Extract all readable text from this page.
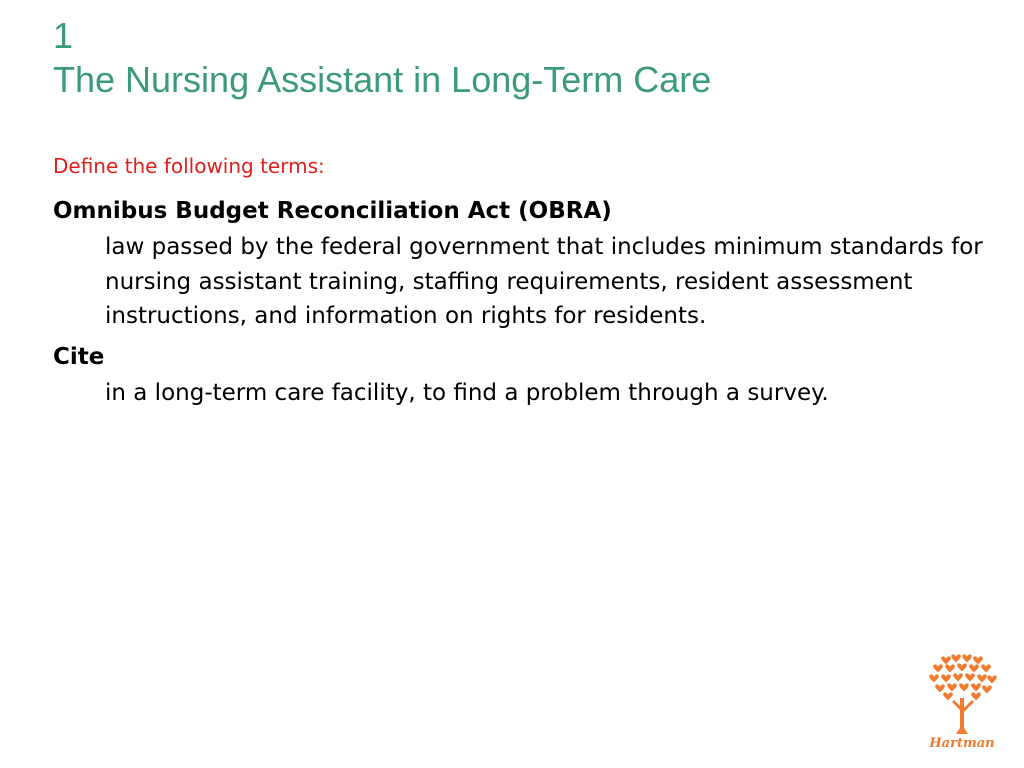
1
The Nursing Assistant in Long-Term Care
Define the following terms:
Omnibus Budget Reconciliation Act (OBRA)
law passed by the federal government that includes minimum standards for nursing assistant training, staffing requirements, resident assessment instructions, and information on rights for residents.
Cite
in a long-term care facility, to find a problem through a survey.
Hartman
